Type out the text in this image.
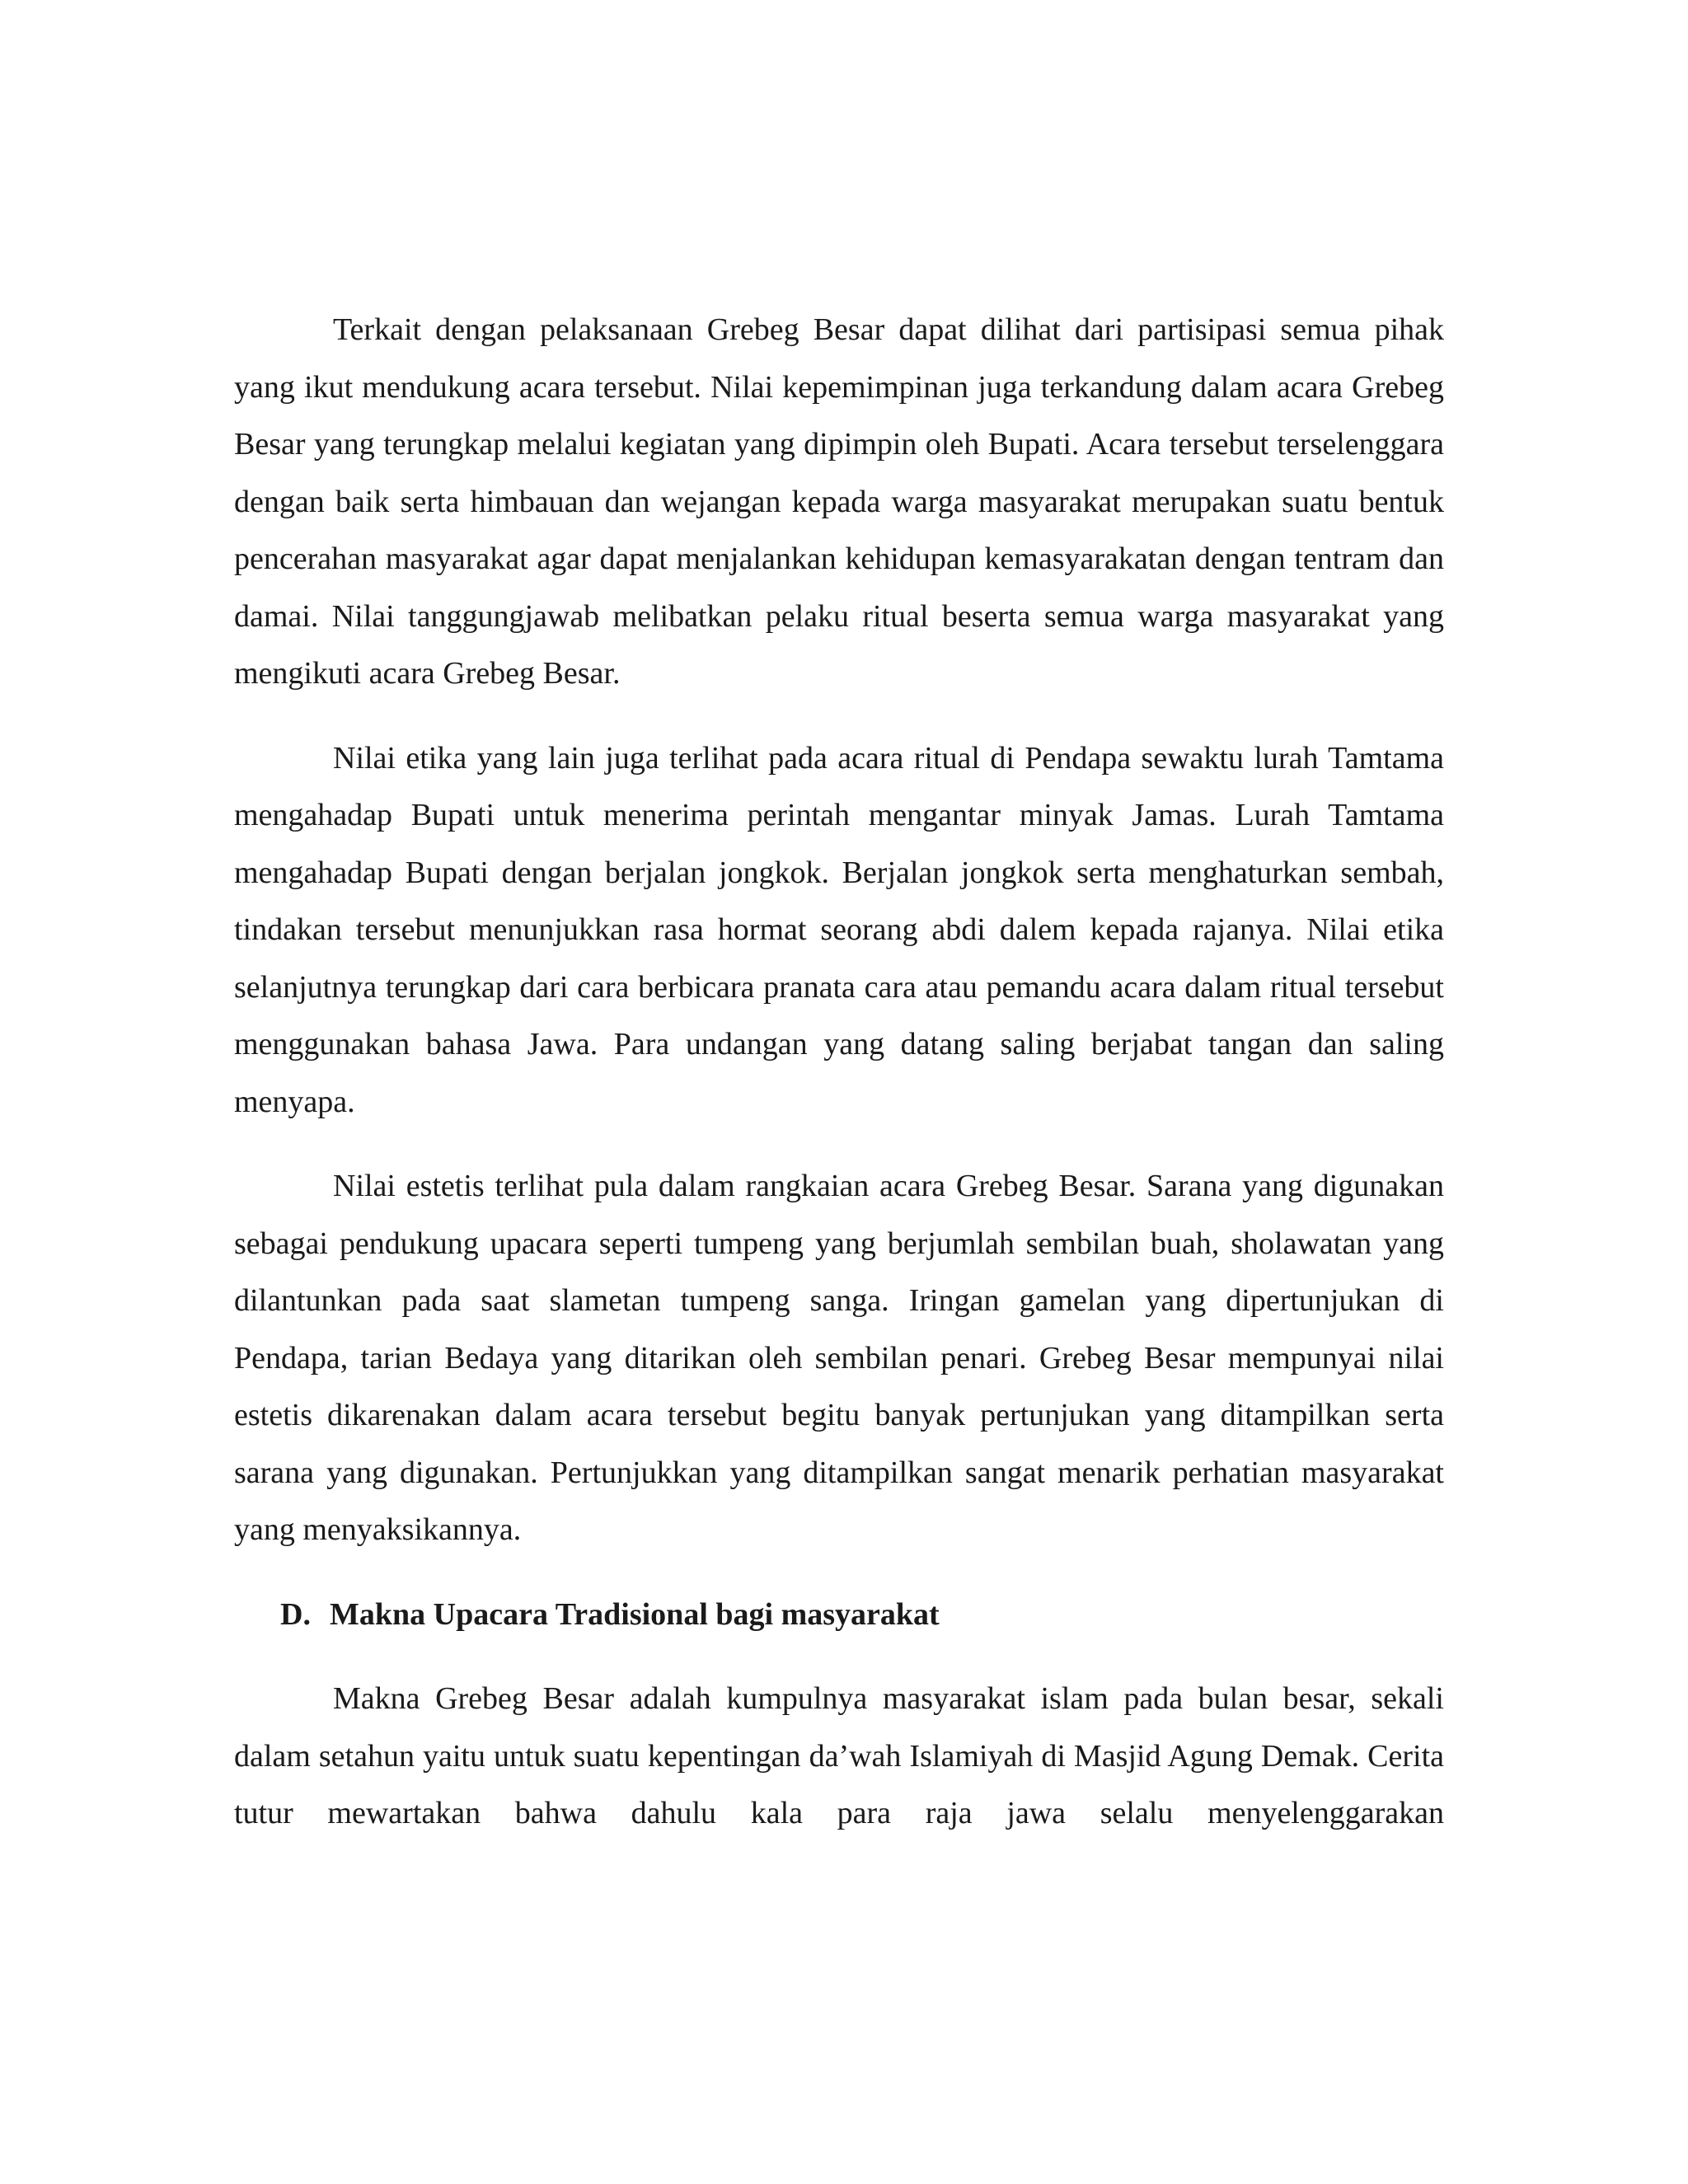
Terkait dengan pelaksanaan Grebeg Besar dapat dilihat dari partisipasi semua pihak yang ikut mendukung acara tersebut. Nilai kepemimpinan juga terkandung dalam acara Grebeg Besar yang terungkap melalui kegiatan yang dipimpin oleh Bupati. Acara tersebut terselenggara dengan baik serta himbauan dan wejangan kepada warga masyarakat merupakan suatu bentuk pencerahan masyarakat agar dapat menjalankan kehidupan kemasyarakatan dengan tentram dan damai. Nilai tanggungjawab melibatkan pelaku ritual beserta semua warga masyarakat yang mengikuti acara Grebeg Besar.

Nilai etika yang lain juga terlihat pada acara ritual di Pendapa sewaktu lurah Tamtama mengahadap Bupati untuk menerima perintah mengantar minyak Jamas. Lurah Tamtama mengahadap Bupati dengan berjalan jongkok. Berjalan jongkok serta menghaturkan sembah, tindakan tersebut menunjukkan rasa hormat seorang abdi dalem kepada rajanya. Nilai etika selanjutnya terungkap dari cara berbicara pranata cara atau pemandu acara dalam ritual tersebut menggunakan bahasa Jawa. Para undangan yang datang saling berjabat tangan dan saling menyapa.

Nilai estetis terlihat pula dalam rangkaian acara Grebeg Besar. Sarana yang digunakan sebagai pendukung upacara seperti tumpeng yang berjumlah sembilan buah, sholawatan yang dilantunkan pada saat slametan tumpeng sanga. Iringan gamelan yang dipertunjukan di Pendapa, tarian Bedaya yang ditarikan oleh sembilan penari. Grebeg Besar mempunyai nilai estetis dikarenakan dalam acara tersebut begitu banyak pertunjukan yang ditampilkan serta sarana yang digunakan. Pertunjukkan yang ditampilkan sangat menarik perhatian masyarakat yang menyaksikannya.

D. Makna Upacara Tradisional bagi masyarakat

Makna Grebeg Besar adalah kumpulnya masyarakat islam pada bulan besar, sekali dalam setahun yaitu untuk suatu kepentingan da’wah Islamiyah di Masjid Agung Demak. Cerita tutur mewartakan bahwa dahulu kala para raja jawa selalu menyelenggarakan
